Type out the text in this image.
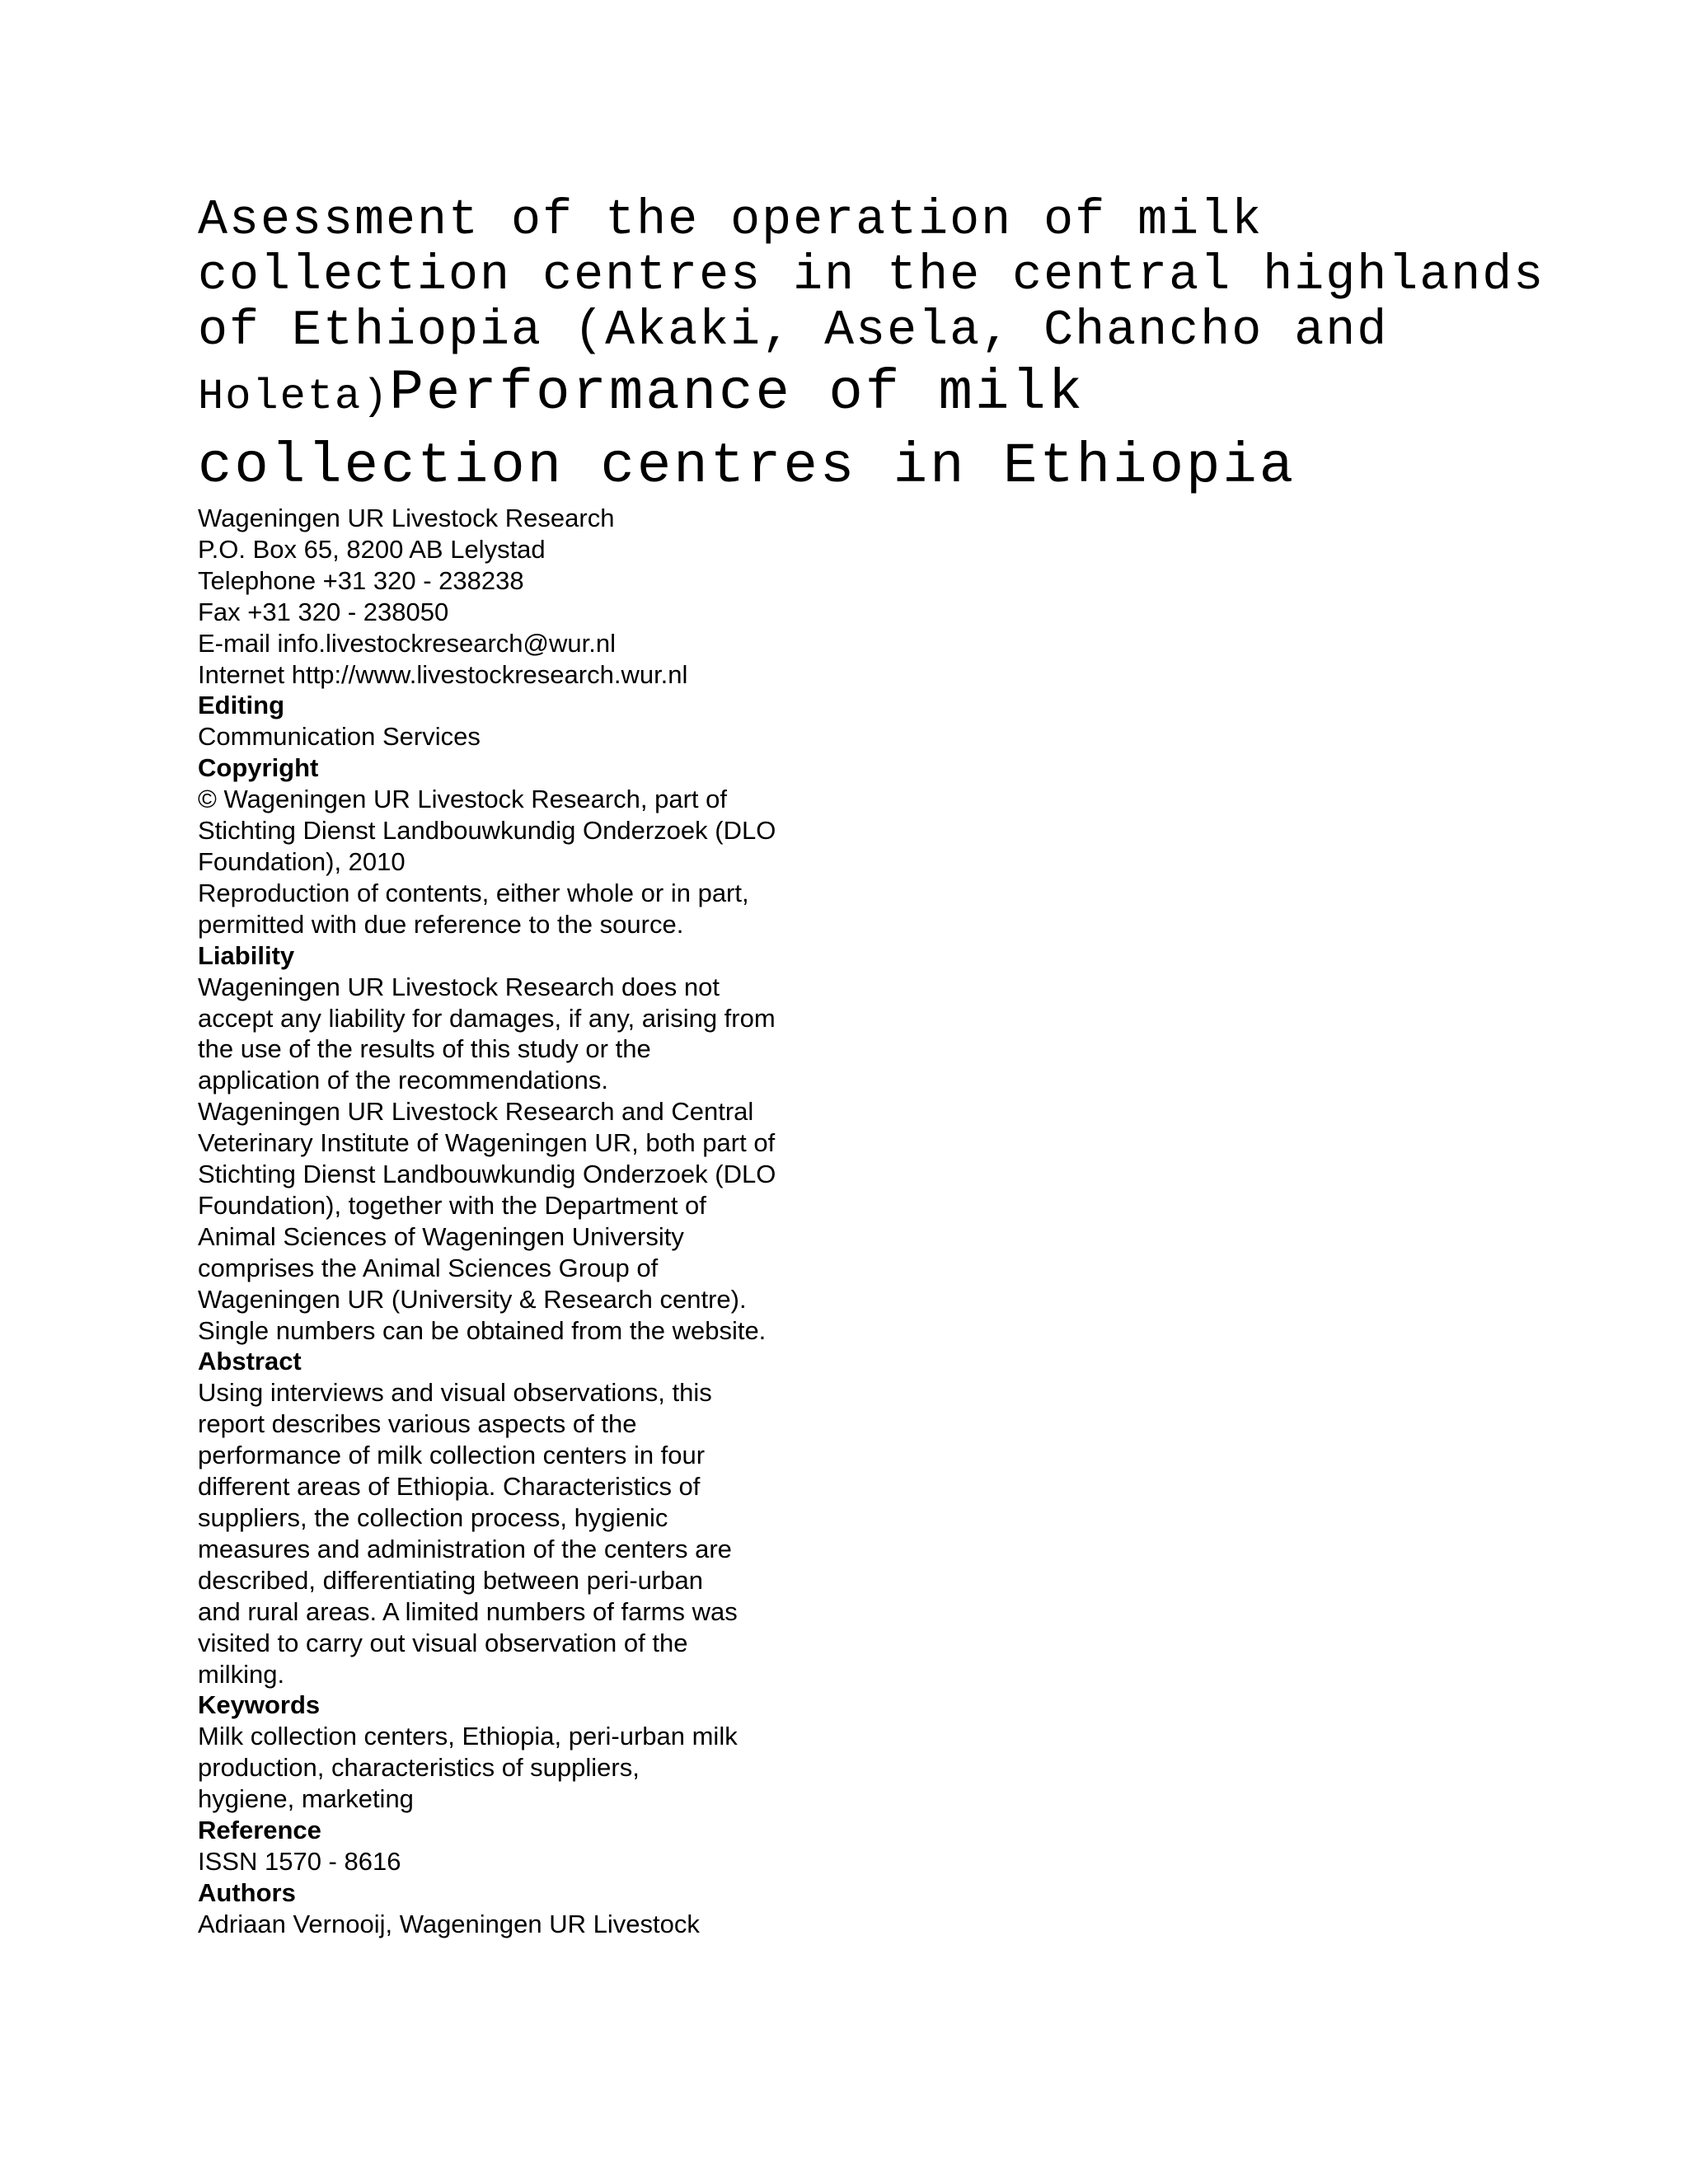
Asessment of the operation of milk
collection centres in the central highlands
of Ethiopia (Akaki, Asela, Chancho and
Holeta)Performance of milk
collection centres in Ethiopia
Wageningen UR Livestock Research
P.O. Box 65, 8200 AB Lelystad
Telephone +31 320 - 238238
Fax +31 320 - 238050
E-mail info.livestockresearch@wur.nl
Internet http://www.livestockresearch.wur.nl
Editing
Communication Services
Copyright
© Wageningen UR Livestock Research, part of
Stichting Dienst Landbouwkundig Onderzoek (DLO
Foundation), 2010
Reproduction of contents, either whole or in part,
permitted with due reference to the source.
Liability
Wageningen UR Livestock Research does not
accept any liability for damages, if any, arising from
the use of the results of this study or the
application of the recommendations.
Wageningen UR Livestock Research and Central
Veterinary Institute of Wageningen UR, both part of
Stichting Dienst Landbouwkundig Onderzoek (DLO
Foundation), together with the Department of
Animal Sciences of Wageningen University
comprises the Animal Sciences Group of
Wageningen UR (University & Research centre).
Single numbers can be obtained from the website.
Abstract
Using interviews and visual observations, this
report describes various aspects of the
performance of milk collection centers in four
different areas of Ethiopia. Characteristics of
suppliers, the collection process, hygienic
measures and administration of the centers are
described, differentiating between peri-urban
and rural areas. A limited numbers of farms was
visited to carry out visual observation of the
milking.
Keywords
Milk collection centers, Ethiopia, peri-urban milk
production, characteristics of suppliers,
hygiene, marketing
Reference
ISSN 1570 - 8616
Authors
Adriaan Vernooij, Wageningen UR Livestock
